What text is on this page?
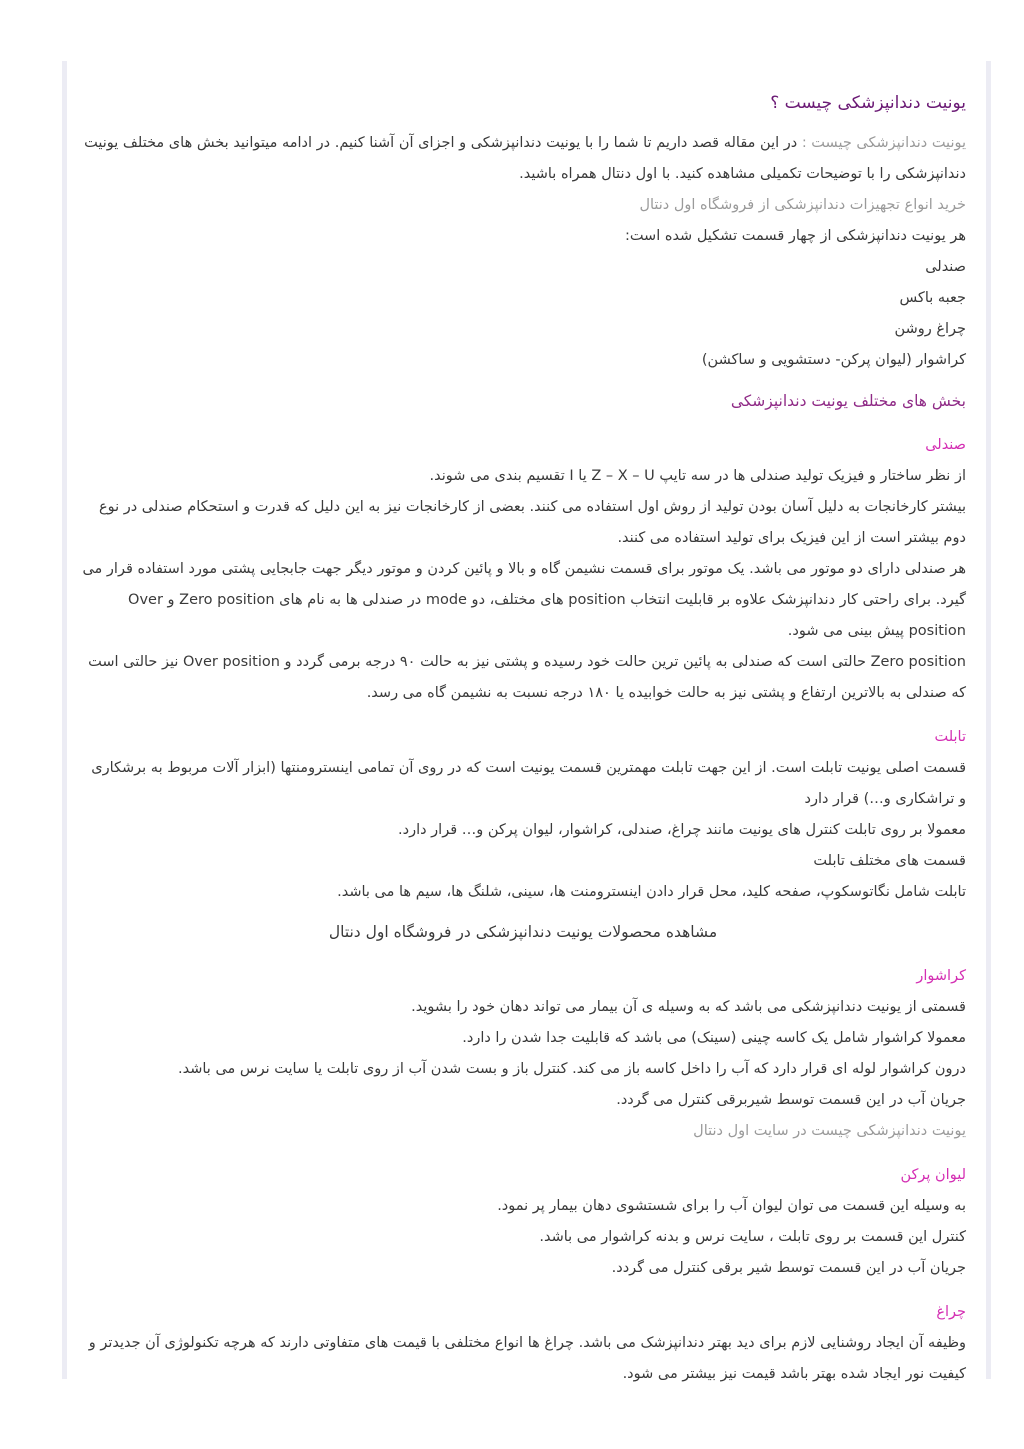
یونیت دندانپزشکی چیست ؟

یونیت دندانپزشکی چیست : در این مقاله قصد داریم تا شما را با یونیت دندانپزشکی و اجزای آن آشنا کنیم. در ادامه میتوانید بخش های مختلف یونیت دندانپزشکی را با توضیحات تکمیلی مشاهده کنید. با اول دنتال همراه باشید.

خرید انواع تجهیزات دندانپزشکی از فروشگاه اول دنتال

هر یونیت دندانپزشکی از چهار قسمت تشکیل شده است:

صندلی

جعبه باکس

چراغ روشن

کراشوار (لیوان پرکن- دستشویی و ساکشن)

بخش های مختلف یونیت دندانپزشکی
صندلی

از نظر ساختار و فیزیک تولید صندلی ها در سه تایپ Z – X – U یا I تقسیم بندی می شوند.

بیشتر کارخانجات به دلیل آسان بودن تولید از روش اول استفاده می کنند. بعضی از کارخانجات نیز به این دلیل که قدرت و استحکام صندلی در نوع دوم بیشتر است از این فیزیک برای تولید استفاده می کنند.

هر صندلی دارای دو موتور می باشد. یک موتور برای قسمت نشیمن گاه و بالا و پائین کردن و موتور دیگر جهت جابجایی پشتی مورد استفاده قرار می گیرد. برای راحتی کار دندانپزشک علاوه بر قابلیت انتخاب position های مختلف، دو mode در صندلی ها به نام های Zero position و Over position پیش بینی می شود.

Zero position حالتی است که صندلی به پائین ترین حالت خود رسیده و پشتی نیز به حالت ۹۰ درجه برمی گردد و Over position نیز حالتی است که صندلی به بالاترین ارتفاع و پشتی نیز به حالت خوابیده یا ۱۸۰ درجه نسبت به نشیمن گاه می رسد.

تابلت

قسمت اصلی یونیت تابلت است. از این جهت تابلت مهمترین قسمت یونیت است که در روی آن تمامی اینسترومنتها (ابزار آلات مربوط به برشکاری و تراشکاری و…) قرار دارد

معمولا بر روی تابلت کنترل های یونیت مانند چراغ، صندلی، کراشوار، لیوان پرکن و… قرار دارد.

قسمت های مختلف تابلت

تابلت شامل نگاتوسکوپ، صفحه کلید، محل قرار دادن اینسترومنت ها، سینی، شلنگ ها، سیم ها می باشد.

مشاهده محصولات یونیت دندانپزشکی در فروشگاه اول دنتال

کراشوار

قسمتی از یونیت دندانپزشکی می باشد که به وسیله ی آن بیمار می تواند دهان خود را بشوید.

معمولا کراشوار شامل یک کاسه چینی (سینک) می باشد که قابلیت جدا شدن را دارد.

درون کراشوار لوله ای قرار دارد که آب را داخل کاسه باز می کند. کنترل باز و بست شدن آب از روی تابلت یا سایت نرس می باشد.

جریان آب در این قسمت توسط شیربرقی کنترل می گردد.

یونیت دندانپزشکی چیست در سایت اول دنتال

لیوان پرکن

به وسیله این قسمت می توان لیوان آب را برای شستشوی دهان بیمار پر نمود.

کنترل این قسمت بر روی تابلت ، سایت نرس و بدنه کراشوار می باشد.

جریان آب در این قسمت توسط شیر برقی کنترل می گردد.

چراغ

وظیفه آن ایجاد روشنایی لازم برای دید بهتر دندانپزشک می باشد. چراغ ها انواع مختلفی با قیمت های متفاوتی دارند که هرچه تکنولوژی آن جدیدتر و کیفیت نور ایجاد شده بهتر باشد قیمت نیز بیشتر می شود.
